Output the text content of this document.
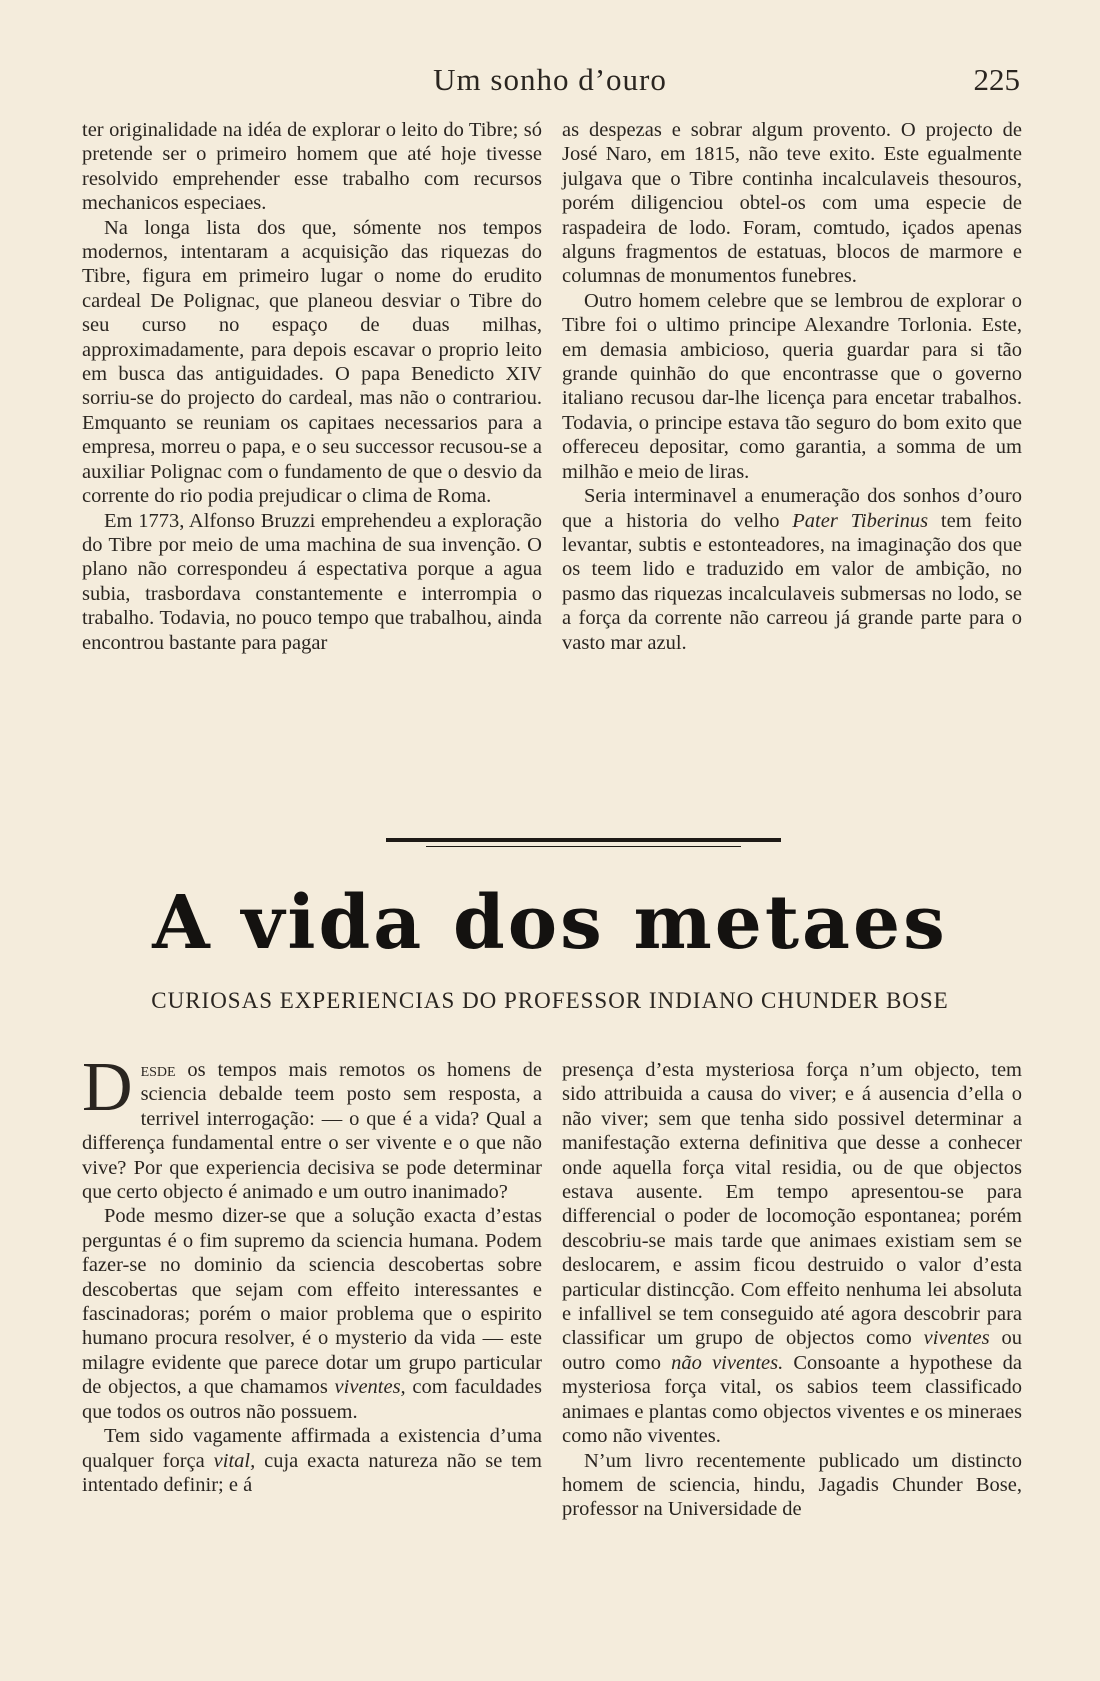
Um sonho d’ouro	225

ter originalidade na idéa de explorar o leito do Tibre; só pretende ser o primeiro homem que até hoje tivesse resolvido emprehender esse trabalho com recursos mechanicos especiaes.

Na longa lista dos que, sómente nos tempos modernos, intentaram a acquisição das riquezas do Tibre, figura em primeiro lugar o nome do erudito cardeal De Polignac, que planeou desviar o Tibre do seu curso no espaço de duas milhas, approximadamente, para depois escavar o proprio leito em busca das antiguidades. O papa Benedicto XIV sorriu-se do projecto do cardeal, mas não o contrariou. Emquanto se reuniam os capitaes necessarios para a empresa, morreu o papa, e o seu successor recusou-se a auxiliar Polignac com o fundamento de que o desvio da corrente do rio podia prejudicar o clima de Roma.

Em 1773, Alfonso Bruzzi emprehendeu a exploração do Tibre por meio de uma machina de sua invenção. O plano não correspondeu á espectativa porque a agua subia, trasbordava constantemente e interrompia o trabalho. Todavia, no pouco tempo que trabalhou, ainda encontrou bastante para pagar

as despezas e sobrar algum provento. O projecto de José Naro, em 1815, não teve exito. Este egualmente julgava que o Tibre continha incalculaveis thesouros, porém diligenciou obtel-os com uma especie de raspadeira de lodo. Foram, comtudo, içados apenas alguns fragmentos de estatuas, blocos de marmore e columnas de monumentos funebres.

Outro homem celebre que se lembrou de explorar o Tibre foi o ultimo principe Alexandre Torlonia. Este, em demasia ambicioso, queria guardar para si tão grande quinhão do que encontrasse que o governo italiano recusou dar-lhe licença para encetar trabalhos. Todavia, o principe estava tão seguro do bom exito que offereceu depositar, como garantia, a somma de um milhão e meio de liras.

Seria interminavel a enumeração dos sonhos d’ouro que a historia do velho Pater Tiberinus tem feito levantar, subtis e estonteadores, na imaginação dos que os teem lido e traduzido em valor de ambição, no pasmo das riquezas incalculaveis submersas no lodo, se a força da corrente não carreou já grande parte para o vasto mar azul.

A vida dos metaes
CURIOSAS EXPERIENCIAS DO PROFESSOR INDIANO CHUNDER BOSE

Desde os tempos mais remotos os homens de sciencia debalde teem posto sem resposta, a terrivel interrogação: — o que é a vida? Qual a differença fundamental entre o ser vivente e o que não vive? Por que experiencia decisiva se pode determinar que certo objecto é animado e um outro inanimado?

Pode mesmo dizer-se que a solução exacta d’estas perguntas é o fim supremo da sciencia humana. Podem fazer-se no dominio da sciencia descobertas sobre descobertas que sejam com effeito interessantes e fascinadoras; porém o maior problema que o espirito humano procura resolver, é o mysterio da vida — este milagre evidente que parece dotar um grupo particular de objectos, a que chamamos viventes, com faculdades que todos os outros não possuem.

Tem sido vagamente affirmada a existencia d’uma qualquer força vital, cuja exacta natureza não se tem intentado definir; e á

presença d’esta mysteriosa força n’um objecto, tem sido attribuida a causa do viver; e á ausencia d’ella o não viver; sem que tenha sido possivel determinar a manifestação externa definitiva que desse a conhecer onde aquella força vital residia, ou de que objectos estava ausente. Em tempo apresentou-se para differencial o poder de locomoção espontanea; porém descobriu-se mais tarde que animaes existiam sem se deslocarem, e assim ficou destruido o valor d’esta particular distincção. Com effeito nenhuma lei absoluta e infallivel se tem conseguido até agora descobrir para classificar um grupo de objectos como viventes ou outro como não viventes. Consoante a hypothese da mysteriosa força vital, os sabios teem classificado animaes e plantas como objectos viventes e os mineraes como não viventes.

N’um livro recentemente publicado um distincto homem de sciencia, hindu, Jagadis Chunder Bose, professor na Universidade de
